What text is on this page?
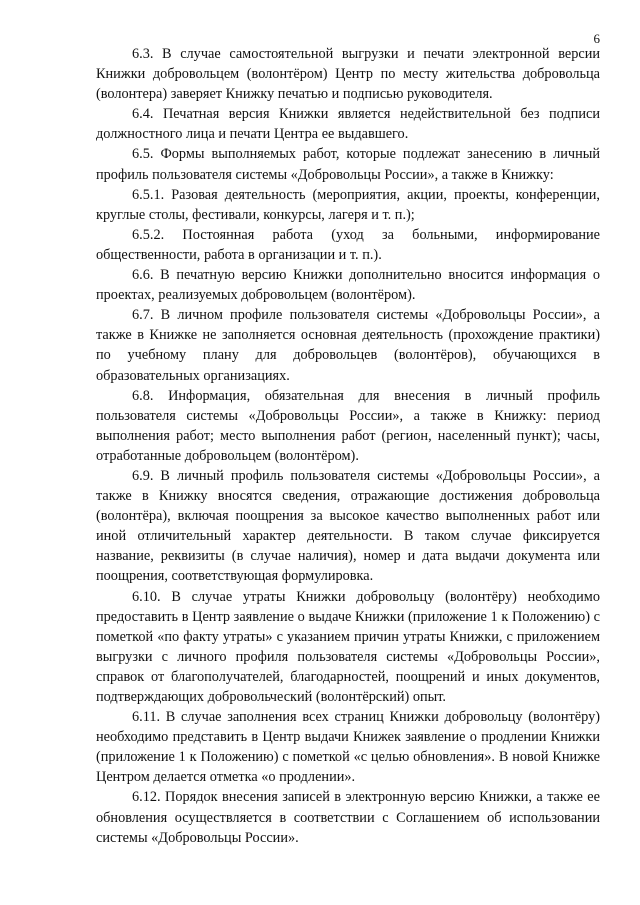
6

6.3. В случае самостоятельной выгрузки и печати электронной версии Книжки добровольцем (волонтёром) Центр по месту жительства добровольца (волонтера) заверяет Книжку печатью и подписью руководителя.

6.4. Печатная версия Книжки является недействительной без подписи должностного лица и печати Центра ее выдавшего.

6.5. Формы выполняемых работ, которые подлежат занесению в личный профиль пользователя системы «Добровольцы России», а также в Книжку:

6.5.1. Разовая деятельность (мероприятия, акции, проекты, конференции, круглые столы, фестивали, конкурсы, лагеря и т. п.);

6.5.2. Постоянная работа (уход за больными, информирование общественности, работа в организации и т. п.).

6.6. В печатную версию Книжки дополнительно вносится информация о проектах, реализуемых добровольцем (волонтёром).

6.7. В личном профиле пользователя системы «Добровольцы России», а также в Книжке не заполняется основная деятельность (прохождение практики) по учебному плану для добровольцев (волонтёров), обучающихся в образовательных организациях.

6.8. Информация, обязательная для внесения в личный профиль пользователя системы «Добровольцы России», а также в Книжку: период выполнения работ; место выполнения работ (регион, населенный пункт); часы, отработанные добровольцем (волонтёром).

6.9. В личный профиль пользователя системы «Добровольцы России», а также в Книжку вносятся сведения, отражающие достижения добровольца (волонтёра), включая поощрения за высокое качество выполненных работ или иной отличительный характер деятельности. В таком случае фиксируется название, реквизиты (в случае наличия), номер и дата выдачи документа или поощрения, соответствующая формулировка.

6.10. В случае утраты Книжки добровольцу (волонтёру) необходимо предоставить в Центр заявление о выдаче Книжки (приложение 1 к Положению) с пометкой «по факту утраты» с указанием причин утраты Книжки, с приложением выгрузки с личного профиля пользователя системы «Добровольцы России», справок от благополучателей, благодарностей, поощрений и иных документов, подтверждающих добровольческий (волонтёрский) опыт.

6.11. В случае заполнения всех страниц Книжки добровольцу (волонтёру) необходимо представить в Центр выдачи Книжек заявление о продлении Книжки (приложение 1 к Положению) с пометкой «с целью обновления». В новой Книжке Центром делается отметка «о продлении».

6.12. Порядок внесения записей в электронную версию Книжки, а также ее обновления осуществляется в соответствии с Соглашением об использовании системы «Добровольцы России».
